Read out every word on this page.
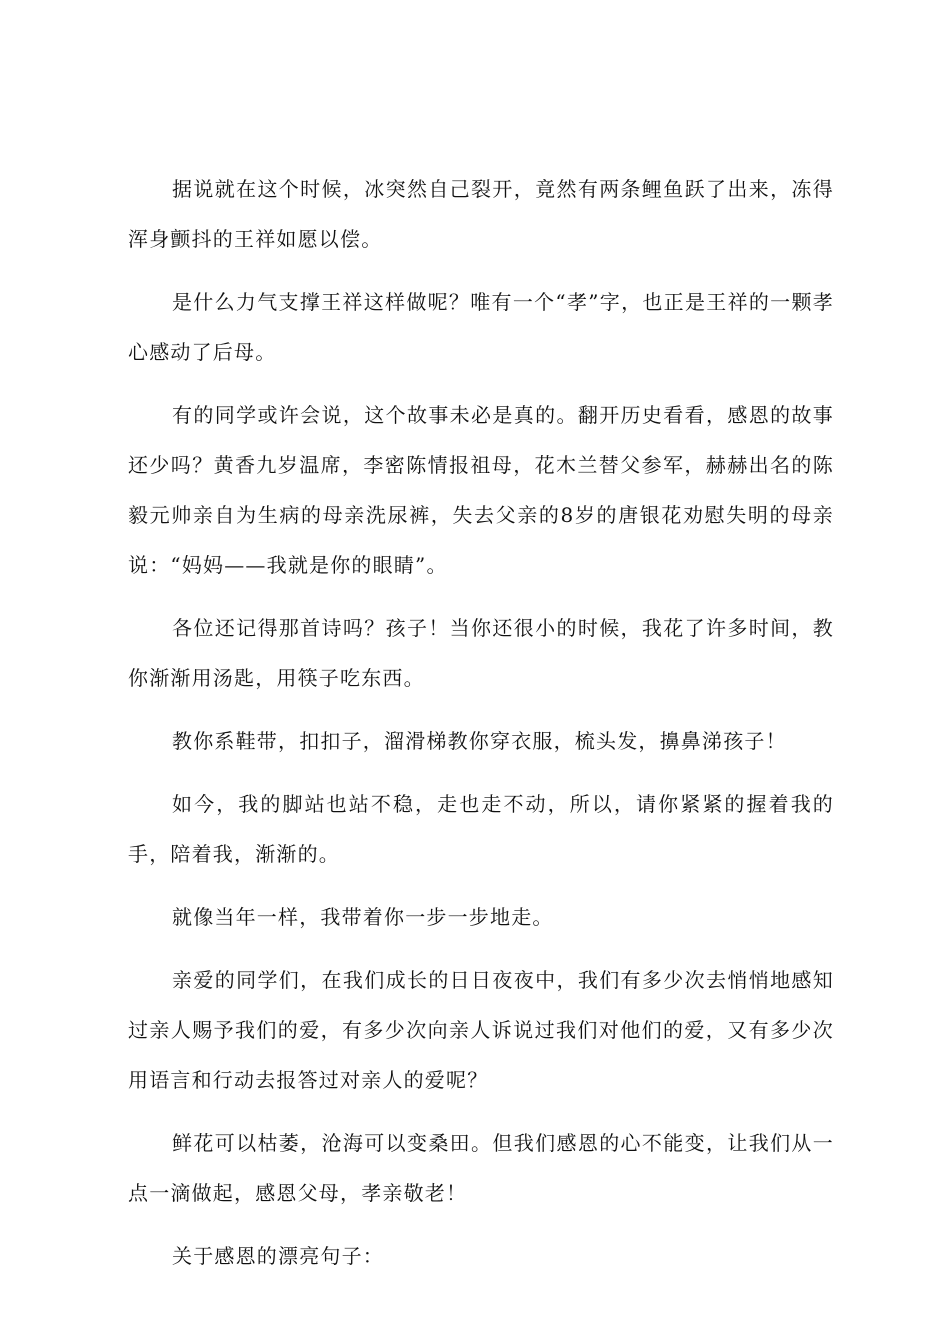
据说就在这个时候，冰突然自己裂开，竟然有两条鲤鱼跃了出来，冻得浑身颤抖的王祥如愿以偿。

是什么力气支撑王祥这样做呢？唯有一个“孝”字，也正是王祥的一颗孝心感动了后母。

有的同学或许会说，这个故事未必是真的。翻开历史看看，感恩的故事还少吗？黄香九岁温席，李密陈情报祖母，花木兰替父参军，赫赫出名的陈毅元帅亲自为生病的母亲洗尿裤，失去父亲的8岁的唐银花劝慰失明的母亲说：“妈妈——我就是你的眼睛”。

各位还记得那首诗吗？孩子！当你还很小的时候，我花了许多时间，教你渐渐用汤匙，用筷子吃东西。

教你系鞋带，扣扣子，溜滑梯教你穿衣服，梳头发，擤鼻涕孩子！

如今，我的脚站也站不稳，走也走不动，所以，请你紧紧的握着我的手，陪着我，渐渐的。

就像当年一样，我带着你一步一步地走。

亲爱的同学们，在我们成长的日日夜夜中，我们有多少次去悄悄地感知过亲人赐予我们的爱，有多少次向亲人诉说过我们对他们的爱，又有多少次用语言和行动去报答过对亲人的爱呢？

鲜花可以枯萎，沧海可以变桑田。但我们感恩的心不能变，让我们从一点一滴做起，感恩父母，孝亲敬老！

关于感恩的漂亮句子：
